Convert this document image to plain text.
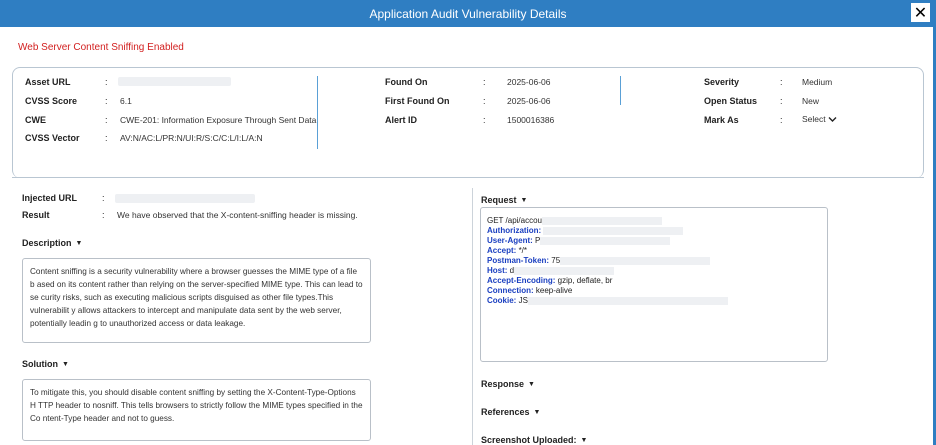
Application Audit Vulnerability Details	✕
Web Server Content Sniffing Enabled
Asset URL	:
CVSS Score	: 6.1
CWE	: CWE-201: Information Exposure Through Sent Data
CVSS Vector	: AV:N/AC:L/PR:N/UI:R/S:C/C:L/I:L/A:N
Found On	:	2025-06-06
First Found On	:	2025-06-06
Alert ID	:	1500016386
Severity	: Medium
Open Status	: New
Mark As	: Select
Injected URL	:
Result	: We have observed that the X-content-sniffing header is missing.
Description ▼
Content sniffing is a security vulnerability where a browser guesses the MIME type of a file b ased on its content rather than relying on the server-specified MIME type. This can lead to se curity risks, such as executing malicious scripts disguised as other file types.This vulnerabilit y allows attackers to intercept and manipulate data sent by the web server, potentially leadin g to unauthorized access or data leakage.
Solution ▼
To mitigate this, you should disable content sniffing by setting the X-Content-Type-Options H TTP header to nosniff. This tells browsers to strictly follow the MIME types specified in the Co ntent-Type header and not to guess.
Request ▼
GET /api/accou
Authorization:
User-Agent: P
Accept: */*
Postman-Token: 75
Host: d
Accept-Encoding: gzip, deflate, br
Connection: keep-alive
Cookie: JS
Response ▼
References ▼
Screenshot Uploaded: ▼
